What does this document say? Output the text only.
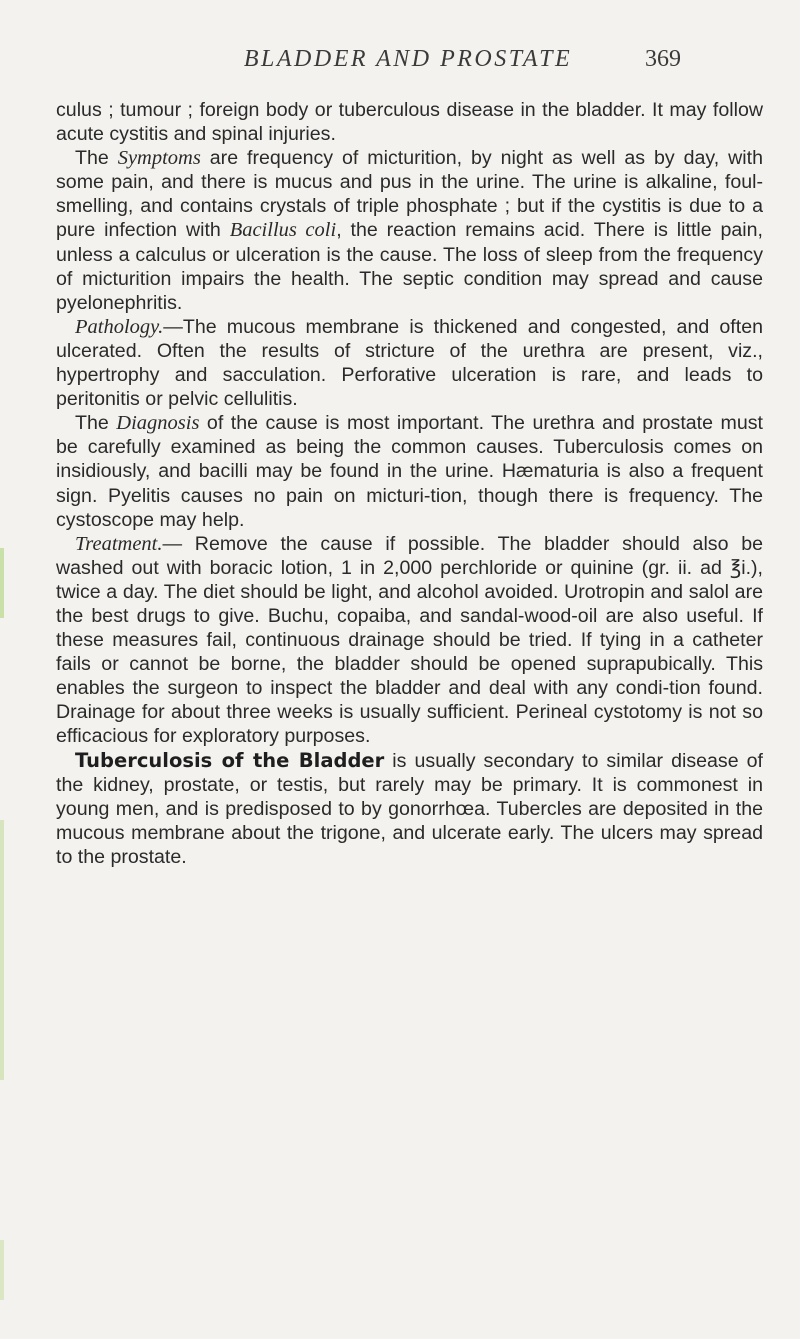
BLADDER AND PROSTATE	369

culus ; tumour ; foreign body or tuberculous disease in the bladder. It may follow acute cystitis and spinal injuries.

The Symptoms are frequency of micturition, by night as well as by day, with some pain, and there is mucus and pus in the urine. The urine is alkaline, foul-smelling, and contains crystals of triple phosphate ; but if the cystitis is due to a pure infection with Bacillus coli, the reaction remains acid. There is little pain, unless a calculus or ulceration is the cause. The loss of sleep from the frequency of micturition impairs the health. The septic condition may spread and cause pyelonephritis.

Pathology.—The mucous membrane is thickened and congested, and often ulcerated. Often the results of stricture of the urethra are present, viz., hypertrophy and sacculation. Perforative ulceration is rare, and leads to peritonitis or pelvic cellulitis.

The Diagnosis of the cause is most important. The urethra and prostate must be carefully examined as being the common causes. Tuberculosis comes on insidiously, and bacilli may be found in the urine. Hæmaturia is also a frequent sign. Pyelitis causes no pain on micturi-tion, though there is frequency. The cystoscope may help.

Treatment.— Remove the cause if possible. The bladder should also be washed out with boracic lotion, 1 in 2,000 perchloride or quinine (gr. ii. ad ℥i.), twice a day. The diet should be light, and alcohol avoided. Urotropin and salol are the best drugs to give. Buchu, copaiba, and sandal-wood-oil are also useful. If these measures fail, continuous drainage should be tried. If tying in a catheter fails or cannot be borne, the bladder should be opened suprapubically. This enables the surgeon to inspect the bladder and deal with any condi-tion found. Drainage for about three weeks is usually sufficient. Perineal cystotomy is not so efficacious for exploratory purposes.

Tuberculosis of the Bladder is usually secondary to similar disease of the kidney, prostate, or testis, but rarely may be primary. It is commonest in young men, and is predisposed to by gonorrhœa. Tubercles are deposited in the mucous membrane about the trigone, and ulcerate early. The ulcers may spread to the prostate.
